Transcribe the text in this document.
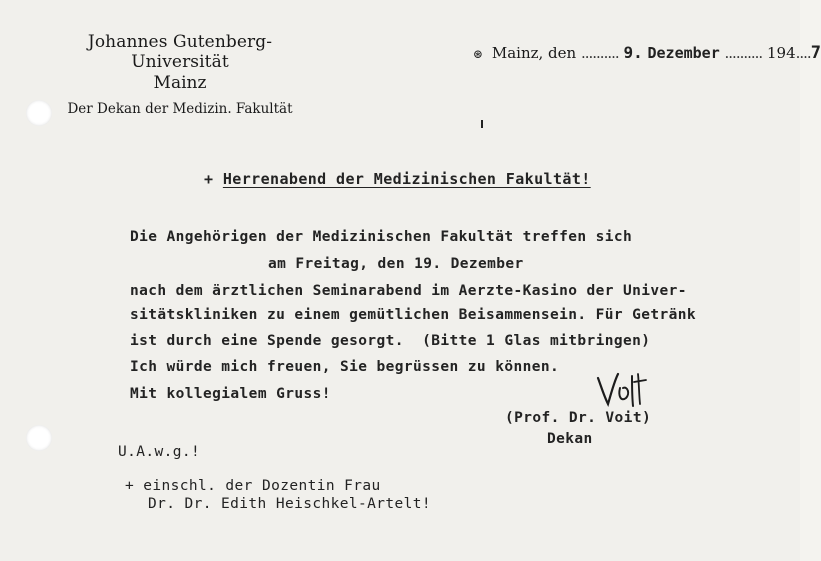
Johannes Gutenberg-Universität
Mainz
Der Dekan der Medizin. Fakultät
⊛ Mainz, den .......... 9. Dezember .......... 194....7
+ Herrenabend der Medizinischen Fakultät!
Die Angehörigen der Medizinischen Fakultät treffen sich
am Freitag, den 19. Dezember
nach dem ärztlichen Seminarabend im Aerzte-Kasino der Univer-
sitätskliniken zu einem gemütlichen Beisammensein. Für Getränk
ist durch eine Spende gesorgt.  (Bitte 1 Glas mitbringen)
Ich würde mich freuen, Sie begrüssen zu können.
Mit kollegialem Gruss!
(Prof. Dr. Voit)
Dekan
U.A.w.g.!
+ einschl. der Dozentin Frau
Dr. Dr. Edith Heischkel-Artelt!
